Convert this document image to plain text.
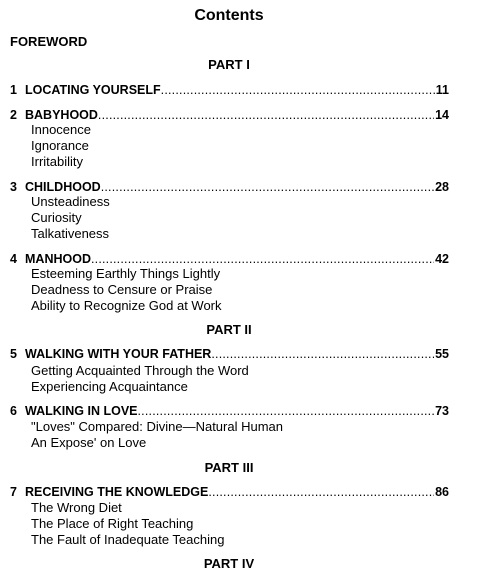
Contents
FOREWORD
PART I
1 LOCATING YOURSELF .....	11
2 BABYHOOD .....	14
Innocence
Ignorance
Irritability
3 CHILDHOOD .....	28
Unsteadiness
Curiosity
Talkativeness
4 MANHOOD .....	42
Esteeming Earthly Things Lightly
Deadness to Censure or Praise
Ability to Recognize God at Work
PART II
5 WALKING WITH YOUR FATHER .....	55
Getting Acquainted Through the Word
Experiencing Acquaintance
6 WALKING IN LOVE .....	73
"Loves" Compared: Divine—Natural Human
An Expose' on Love
PART III
7 RECEIVING THE KNOWLEDGE .....	86
The Wrong Diet
The Place of Right Teaching
The Fault of Inadequate Teaching
PART IV
